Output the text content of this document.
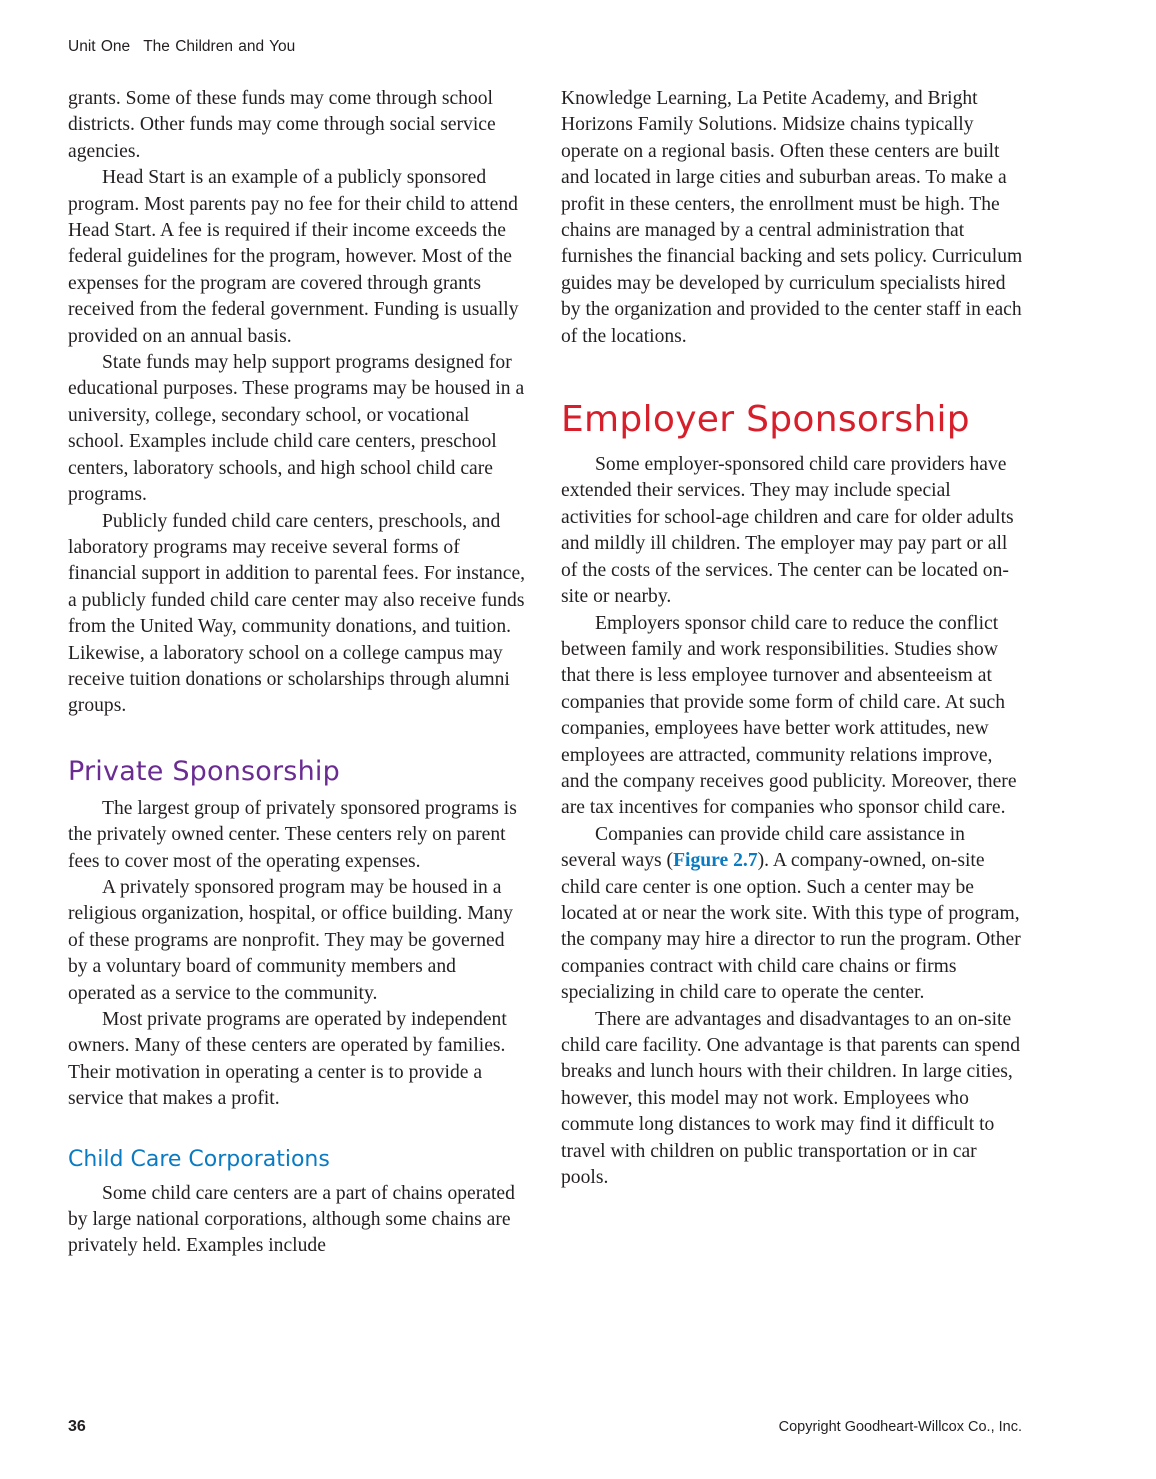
Unit One The Children and You

grants. Some of these funds may come through school districts. Other funds may come through social service agencies.

Head Start is an example of a publicly sponsored program. Most parents pay no fee for their child to attend Head Start. A fee is required if their income exceeds the federal guidelines for the program, however. Most of the expenses for the program are covered through grants received from the federal government. Funding is usually provided on an annual basis.

State funds may help support programs designed for educational purposes. These programs may be housed in a university, college, secondary school, or vocational school. Examples include child care centers, preschool centers, laboratory schools, and high school child care programs.

Publicly funded child care centers, preschools, and laboratory programs may receive several forms of financial support in addition to parental fees. For instance, a publicly funded child care center may also receive funds from the United Way, community donations, and tuition. Likewise, a laboratory school on a college campus may receive tuition donations or scholarships through alumni groups.

Private Sponsorship

The largest group of privately sponsored programs is the privately owned center. These centers rely on parent fees to cover most of the operating expenses.

A privately sponsored program may be housed in a religious organization, hospital, or office building. Many of these programs are nonprofit. They may be governed by a voluntary board of community members and operated as a service to the community.

Most private programs are operated by independent owners. Many of these centers are operated by families. Their motivation in operating a center is to provide a service that makes a profit.

Child Care Corporations

Some child care centers are a part of chains operated by large national corporations, although some chains are privately held. Examples include

Knowledge Learning, La Petite Academy, and Bright Horizons Family Solutions. Midsize chains typically operate on a regional basis. Often these centers are built and located in large cities and suburban areas. To make a profit in these centers, the enrollment must be high. The chains are managed by a central administration that furnishes the financial backing and sets policy. Curriculum guides may be developed by curriculum specialists hired by the organization and provided to the center staff in each of the locations.

Employer Sponsorship

Some employer-sponsored child care providers have extended their services. They may include special activities for school-age children and care for older adults and mildly ill children. The employer may pay part or all of the costs of the services. The center can be located on-site or nearby.

Employers sponsor child care to reduce the conflict between family and work responsibilities. Studies show that there is less employee turnover and absenteeism at companies that provide some form of child care. At such companies, employees have better work attitudes, new employees are attracted, community relations improve, and the company receives good publicity. Moreover, there are tax incentives for companies who sponsor child care.

Companies can provide child care assistance in several ways (Figure 2.7). A company-owned, on-site child care center is one option. Such a center may be located at or near the work site. With this type of program, the company may hire a director to run the program. Other companies contract with child care chains or firms specializing in child care to operate the center.

There are advantages and disadvantages to an on-site child care facility. One advantage is that parents can spend breaks and lunch hours with their children. In large cities, however, this model may not work. Employees who commute long distances to work may find it difficult to travel with children on public transportation or in car pools.

36	Copyright Goodheart-Willcox Co., Inc.
